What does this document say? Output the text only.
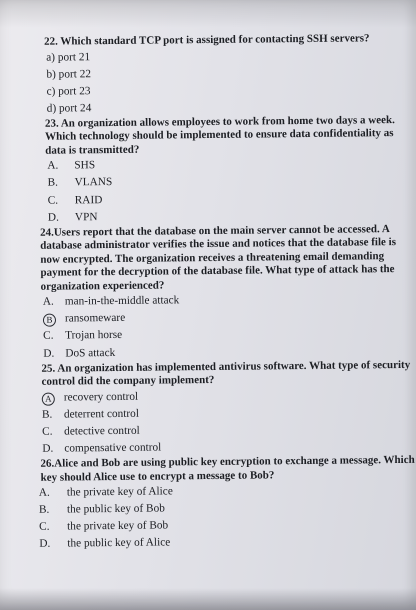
22. Which standard TCP port is assigned for contacting SSH servers?

a) port 21

b) port 22

c) port 23

d) port 24

23. An organization allows employees to work from home two days a week. Which technology should be implemented to ensure data confidentiality as data is transmitted?

A. SHS

B. VLANS

C. RAID

D. VPN

24.Users report that the database on the main server cannot be accessed. A database administrator verifies the issue and notices that the database file is now encrypted. The organization receives a threatening email demanding payment for the decryption of the database file. What type of attack has the organization experienced?

A. man-in-the-middle attack

B ransomeware

C. Trojan horse

D. DoS attack

25. An organization has implemented antivirus software. What type of security control did the company implement?

A recovery control

B. deterrent control

C. detective control

D. compensative control

26.Alice and Bob are using public key encryption to exchange a message. Which key should Alice use to encrypt a message to Bob?

A. the private key of Alice

B. the public key of Bob

C. the private key of Bob

D. the public key of Alice
